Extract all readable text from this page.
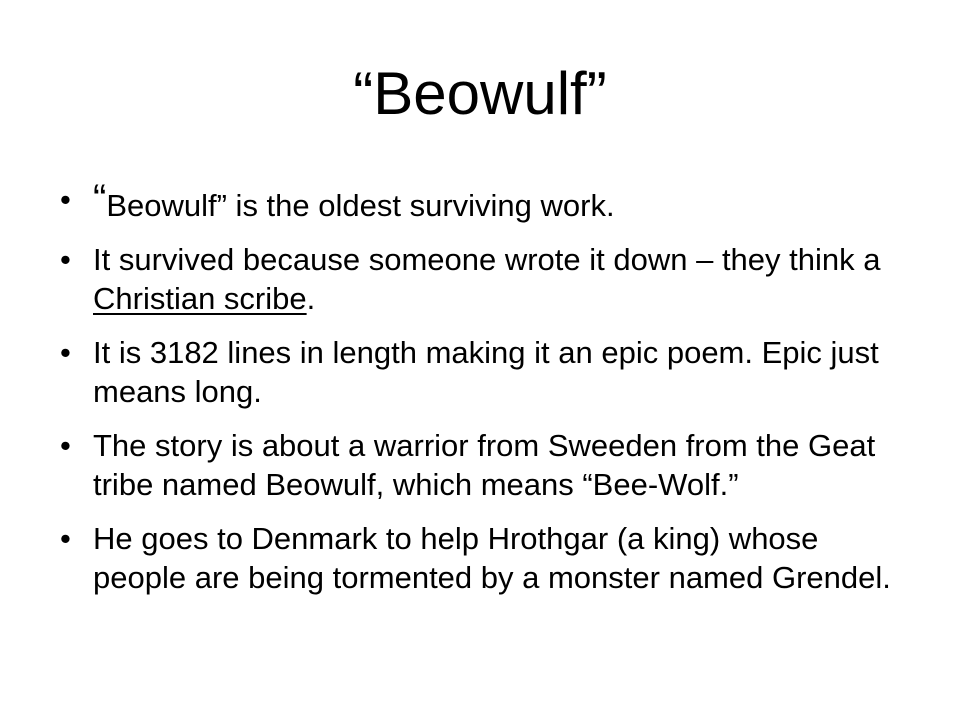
“Beowulf”
• “Beowulf” is the oldest surviving work.
• It survived because someone wrote it down – they think a Christian scribe.
• It is 3182 lines in length making it an epic poem. Epic just means long.
• The story is about a warrior from Sweeden from the Geat tribe named Beowulf, which means “Bee-Wolf.”
• He goes to Denmark to help Hrothgar (a king) whose people are being tormented by a monster named Grendel.
